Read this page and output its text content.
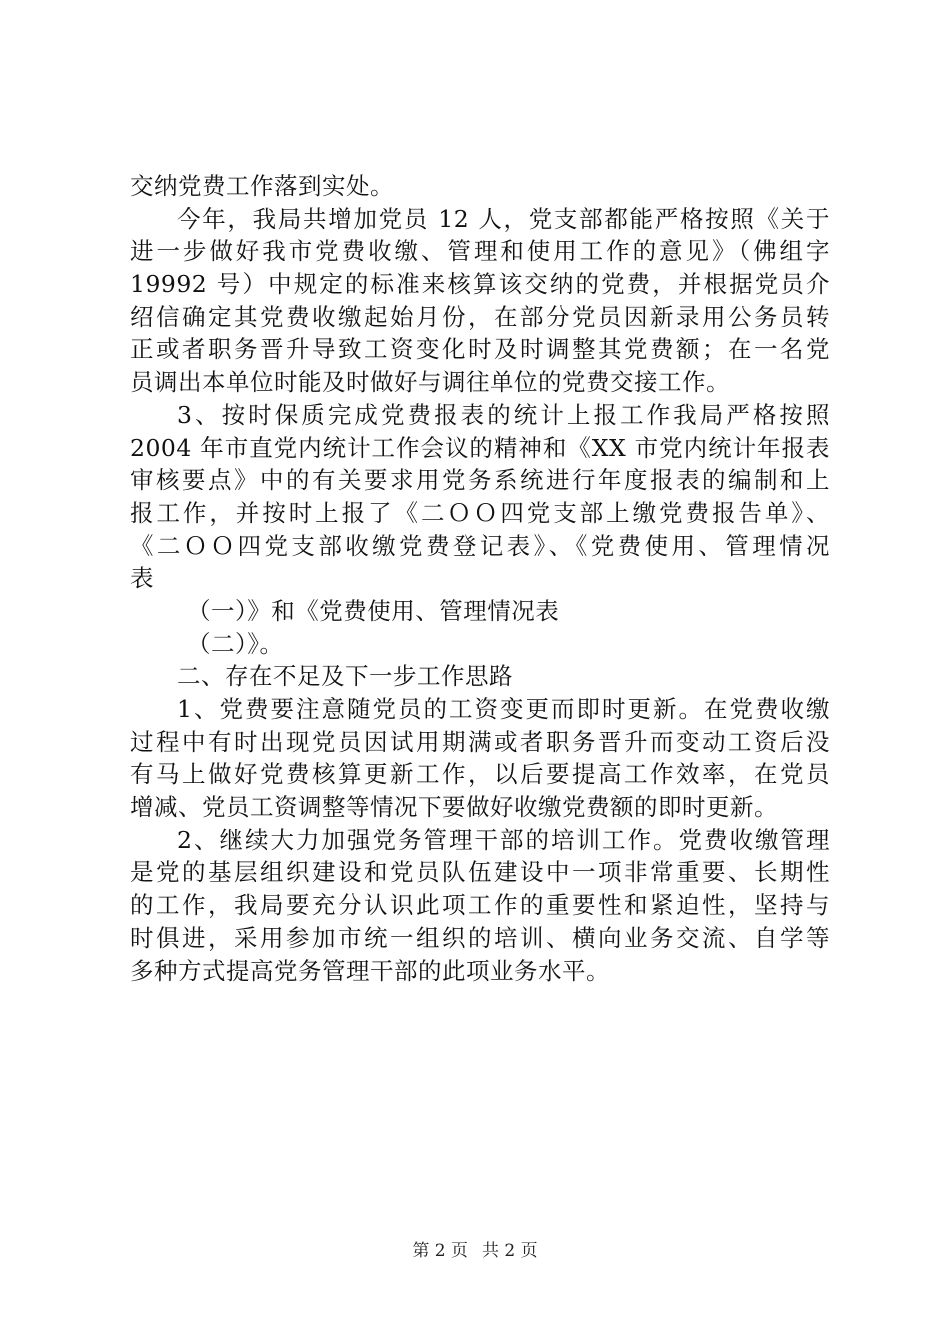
交纳党费工作落到实处。
今年，我局共增加党员 12 人，党支部都能严格按照《关于
进一步做好我市党费收缴、管理和使用工作的意见》（佛组字
19992 号）中规定的标准来核算该交纳的党费，并根据党员介
绍信确定其党费收缴起始月份，在部分党员因新录用公务员转
正或者职务晋升导致工资变化时及时调整其党费额；在一名党
员调出本单位时能及时做好与调往单位的党费交接工作。
3、按时保质完成党费报表的统计上报工作我局严格按照
2004 年市直党内统计工作会议的精神和《XX 市党内统计年报表
审核要点》中的有关要求用党务系统进行年度报表的编制和上
报工作，并按时上报了《二ＯＯ四党支部上缴党费报告单》、
《二ＯＯ四党支部收缴党费登记表》、《党费使用、管理情况
表
（一）》和《党费使用、管理情况表
（二）》。
二、存在不足及下一步工作思路
1、党费要注意随党员的工资变更而即时更新。在党费收缴
过程中有时出现党员因试用期满或者职务晋升而变动工资后没
有马上做好党费核算更新工作，以后要提高工作效率，在党员
增减、党员工资调整等情况下要做好收缴党费额的即时更新。
2、继续大力加强党务管理干部的培训工作。党费收缴管理
是党的基层组织建设和党员队伍建设中一项非常重要、长期性
的工作，我局要充分认识此项工作的重要性和紧迫性，坚持与
时俱进，采用参加市统一组织的培训、横向业务交流、自学等
多种方式提高党务管理干部的此项业务水平。
第 2 页 共 2 页
